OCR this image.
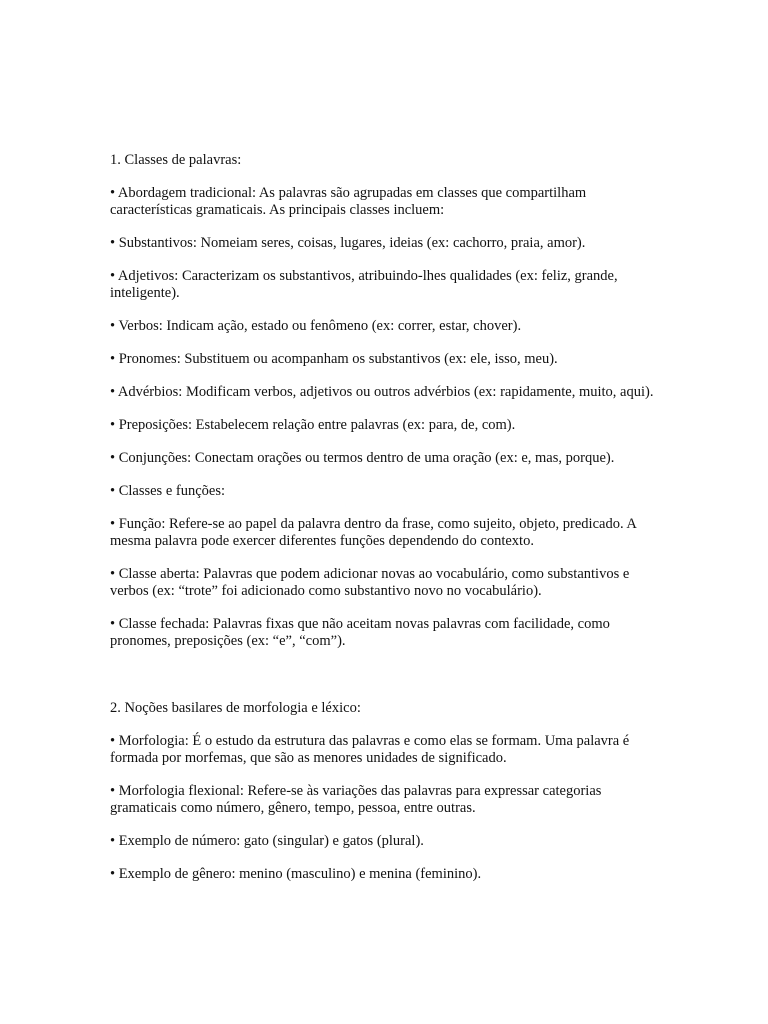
1. Classes de palavras:

• Abordagem tradicional: As palavras são agrupadas em classes que compartilham características gramaticais. As principais classes incluem:

• Substantivos: Nomeiam seres, coisas, lugares, ideias (ex: cachorro, praia, amor).

• Adjetivos: Caracterizam os substantivos, atribuindo-lhes qualidades (ex: feliz, grande, inteligente).

• Verbos: Indicam ação, estado ou fenômeno (ex: correr, estar, chover).

• Pronomes: Substituem ou acompanham os substantivos (ex: ele, isso, meu).

• Advérbios: Modificam verbos, adjetivos ou outros advérbios (ex: rapidamente, muito, aqui).

• Preposições: Estabelecem relação entre palavras (ex: para, de, com).

• Conjunções: Conectam orações ou termos dentro de uma oração (ex: e, mas, porque).

• Classes e funções:

• Função: Refere-se ao papel da palavra dentro da frase, como sujeito, objeto, predicado. A mesma palavra pode exercer diferentes funções dependendo do contexto.

• Classe aberta: Palavras que podem adicionar novas ao vocabulário, como substantivos e verbos (ex: “trote” foi adicionado como substantivo novo no vocabulário).

• Classe fechada: Palavras fixas que não aceitam novas palavras com facilidade, como pronomes, preposições (ex: “e”, “com”).

2. Noções basilares de morfologia e léxico:

• Morfologia: É o estudo da estrutura das palavras e como elas se formam. Uma palavra é formada por morfemas, que são as menores unidades de significado.

• Morfologia flexional: Refere-se às variações das palavras para expressar categorias gramaticais como número, gênero, tempo, pessoa, entre outras.

• Exemplo de número: gato (singular) e gatos (plural).

• Exemplo de gênero: menino (masculino) e menina (feminino).
